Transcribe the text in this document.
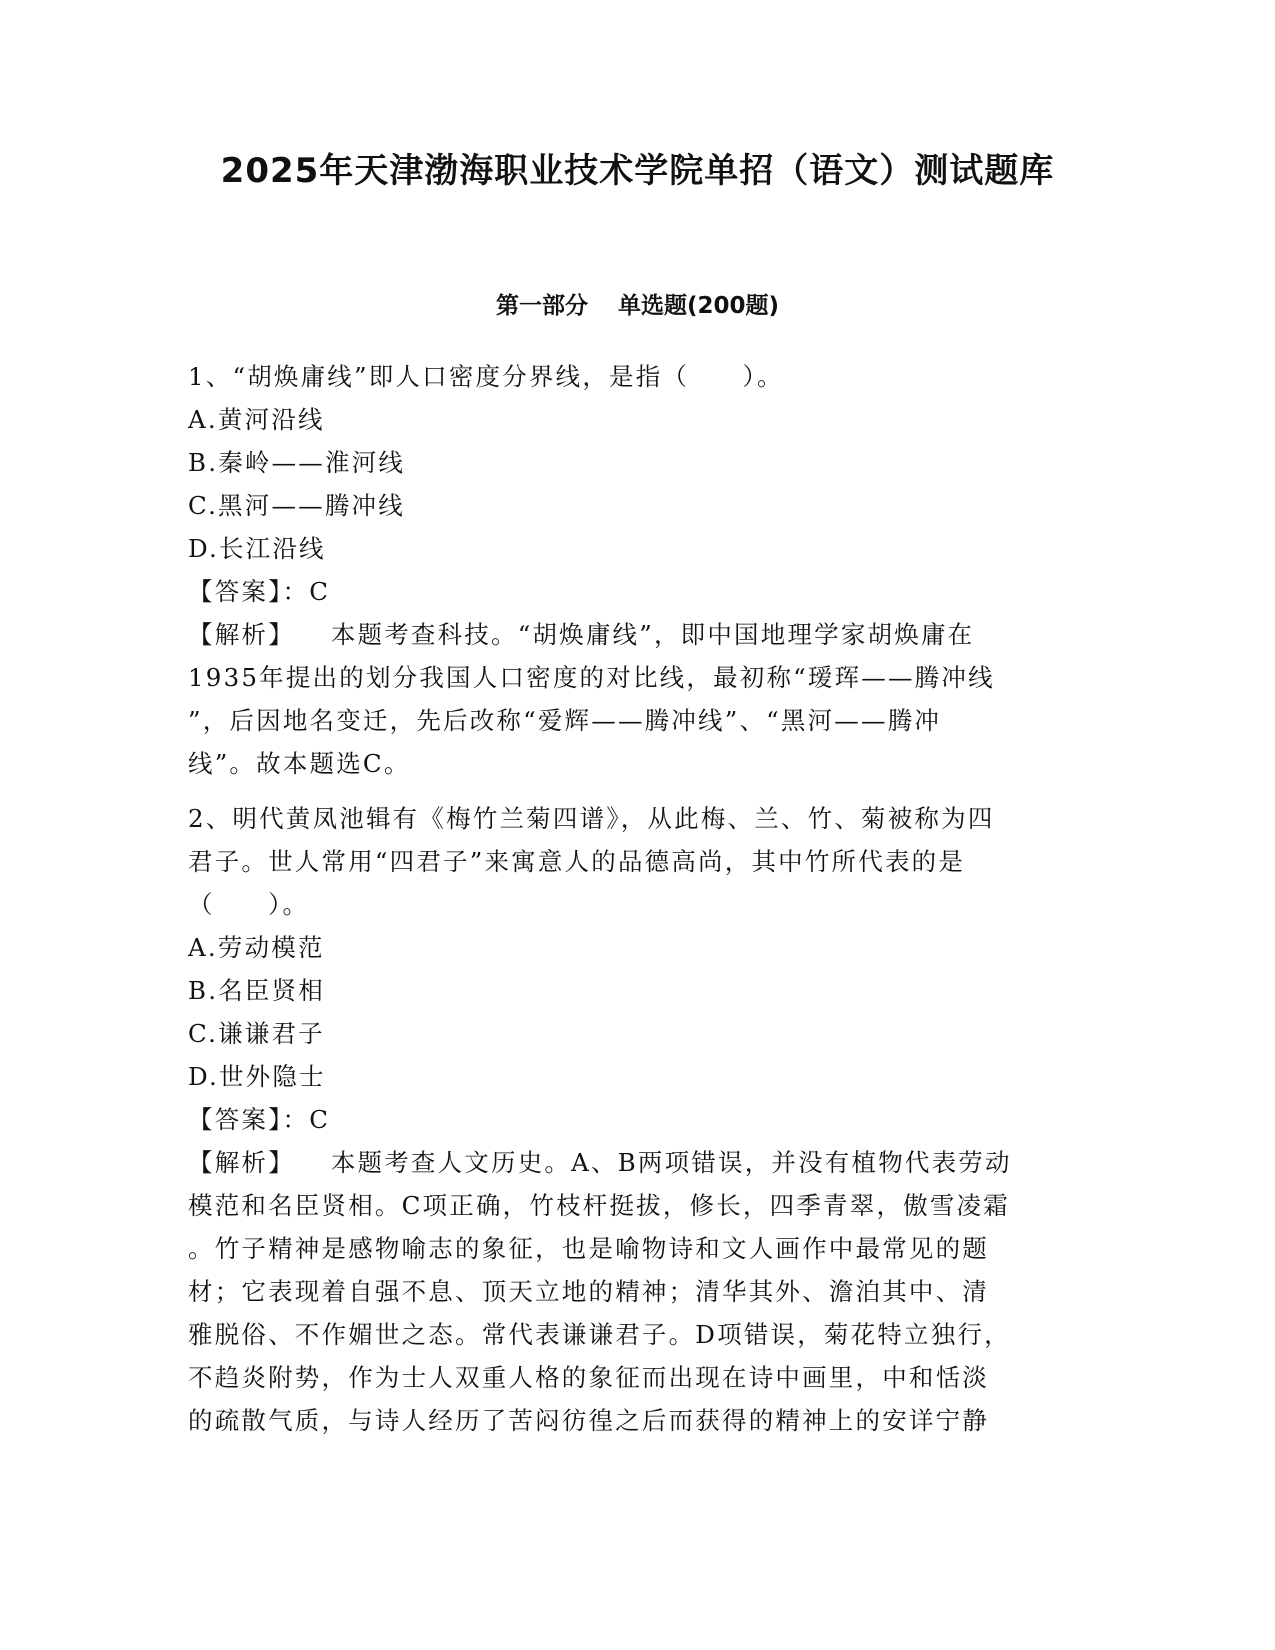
2025年天津渤海职业技术学院单招（语文）测试题库
第一部分 单选题(200题)
1、“胡焕庸线”即人口密度分界线，是指（　　）。
A.黄河沿线
B.秦岭——淮河线
C.黑河——腾冲线
D.长江沿线
【答案】：C
【解析】 本题考查科技。“胡焕庸线”，即中国地理学家胡焕庸在
1935年提出的划分我国人口密度的对比线，最初称“瑷珲——腾冲线
”，后因地名变迁，先后改称“爱辉——腾冲线”、“黑河——腾冲
线”。故本题选C。
2、明代黄凤池辑有《梅竹兰菊四谱》，从此梅、兰、竹、菊被称为四
君子。世人常用“四君子”来寓意人的品德高尚，其中竹所代表的是
（　　）。
A.劳动模范
B.名臣贤相
C.谦谦君子
D.世外隐士
【答案】：C
【解析】 本题考查人文历史。A、B两项错误，并没有植物代表劳动
模范和名臣贤相。C项正确，竹枝杆挺拔，修长，四季青翠，傲雪凌霜
。竹子精神是感物喻志的象征，也是喻物诗和文人画作中最常见的题
材；它表现着自强不息、顶天立地的精神；清华其外、澹泊其中、清
雅脱俗、不作媚世之态。常代表谦谦君子。D项错误，菊花特立独行，
不趋炎附势，作为士人双重人格的象征而出现在诗中画里，中和恬淡
的疏散气质，与诗人经历了苦闷彷徨之后而获得的精神上的安详宁静
